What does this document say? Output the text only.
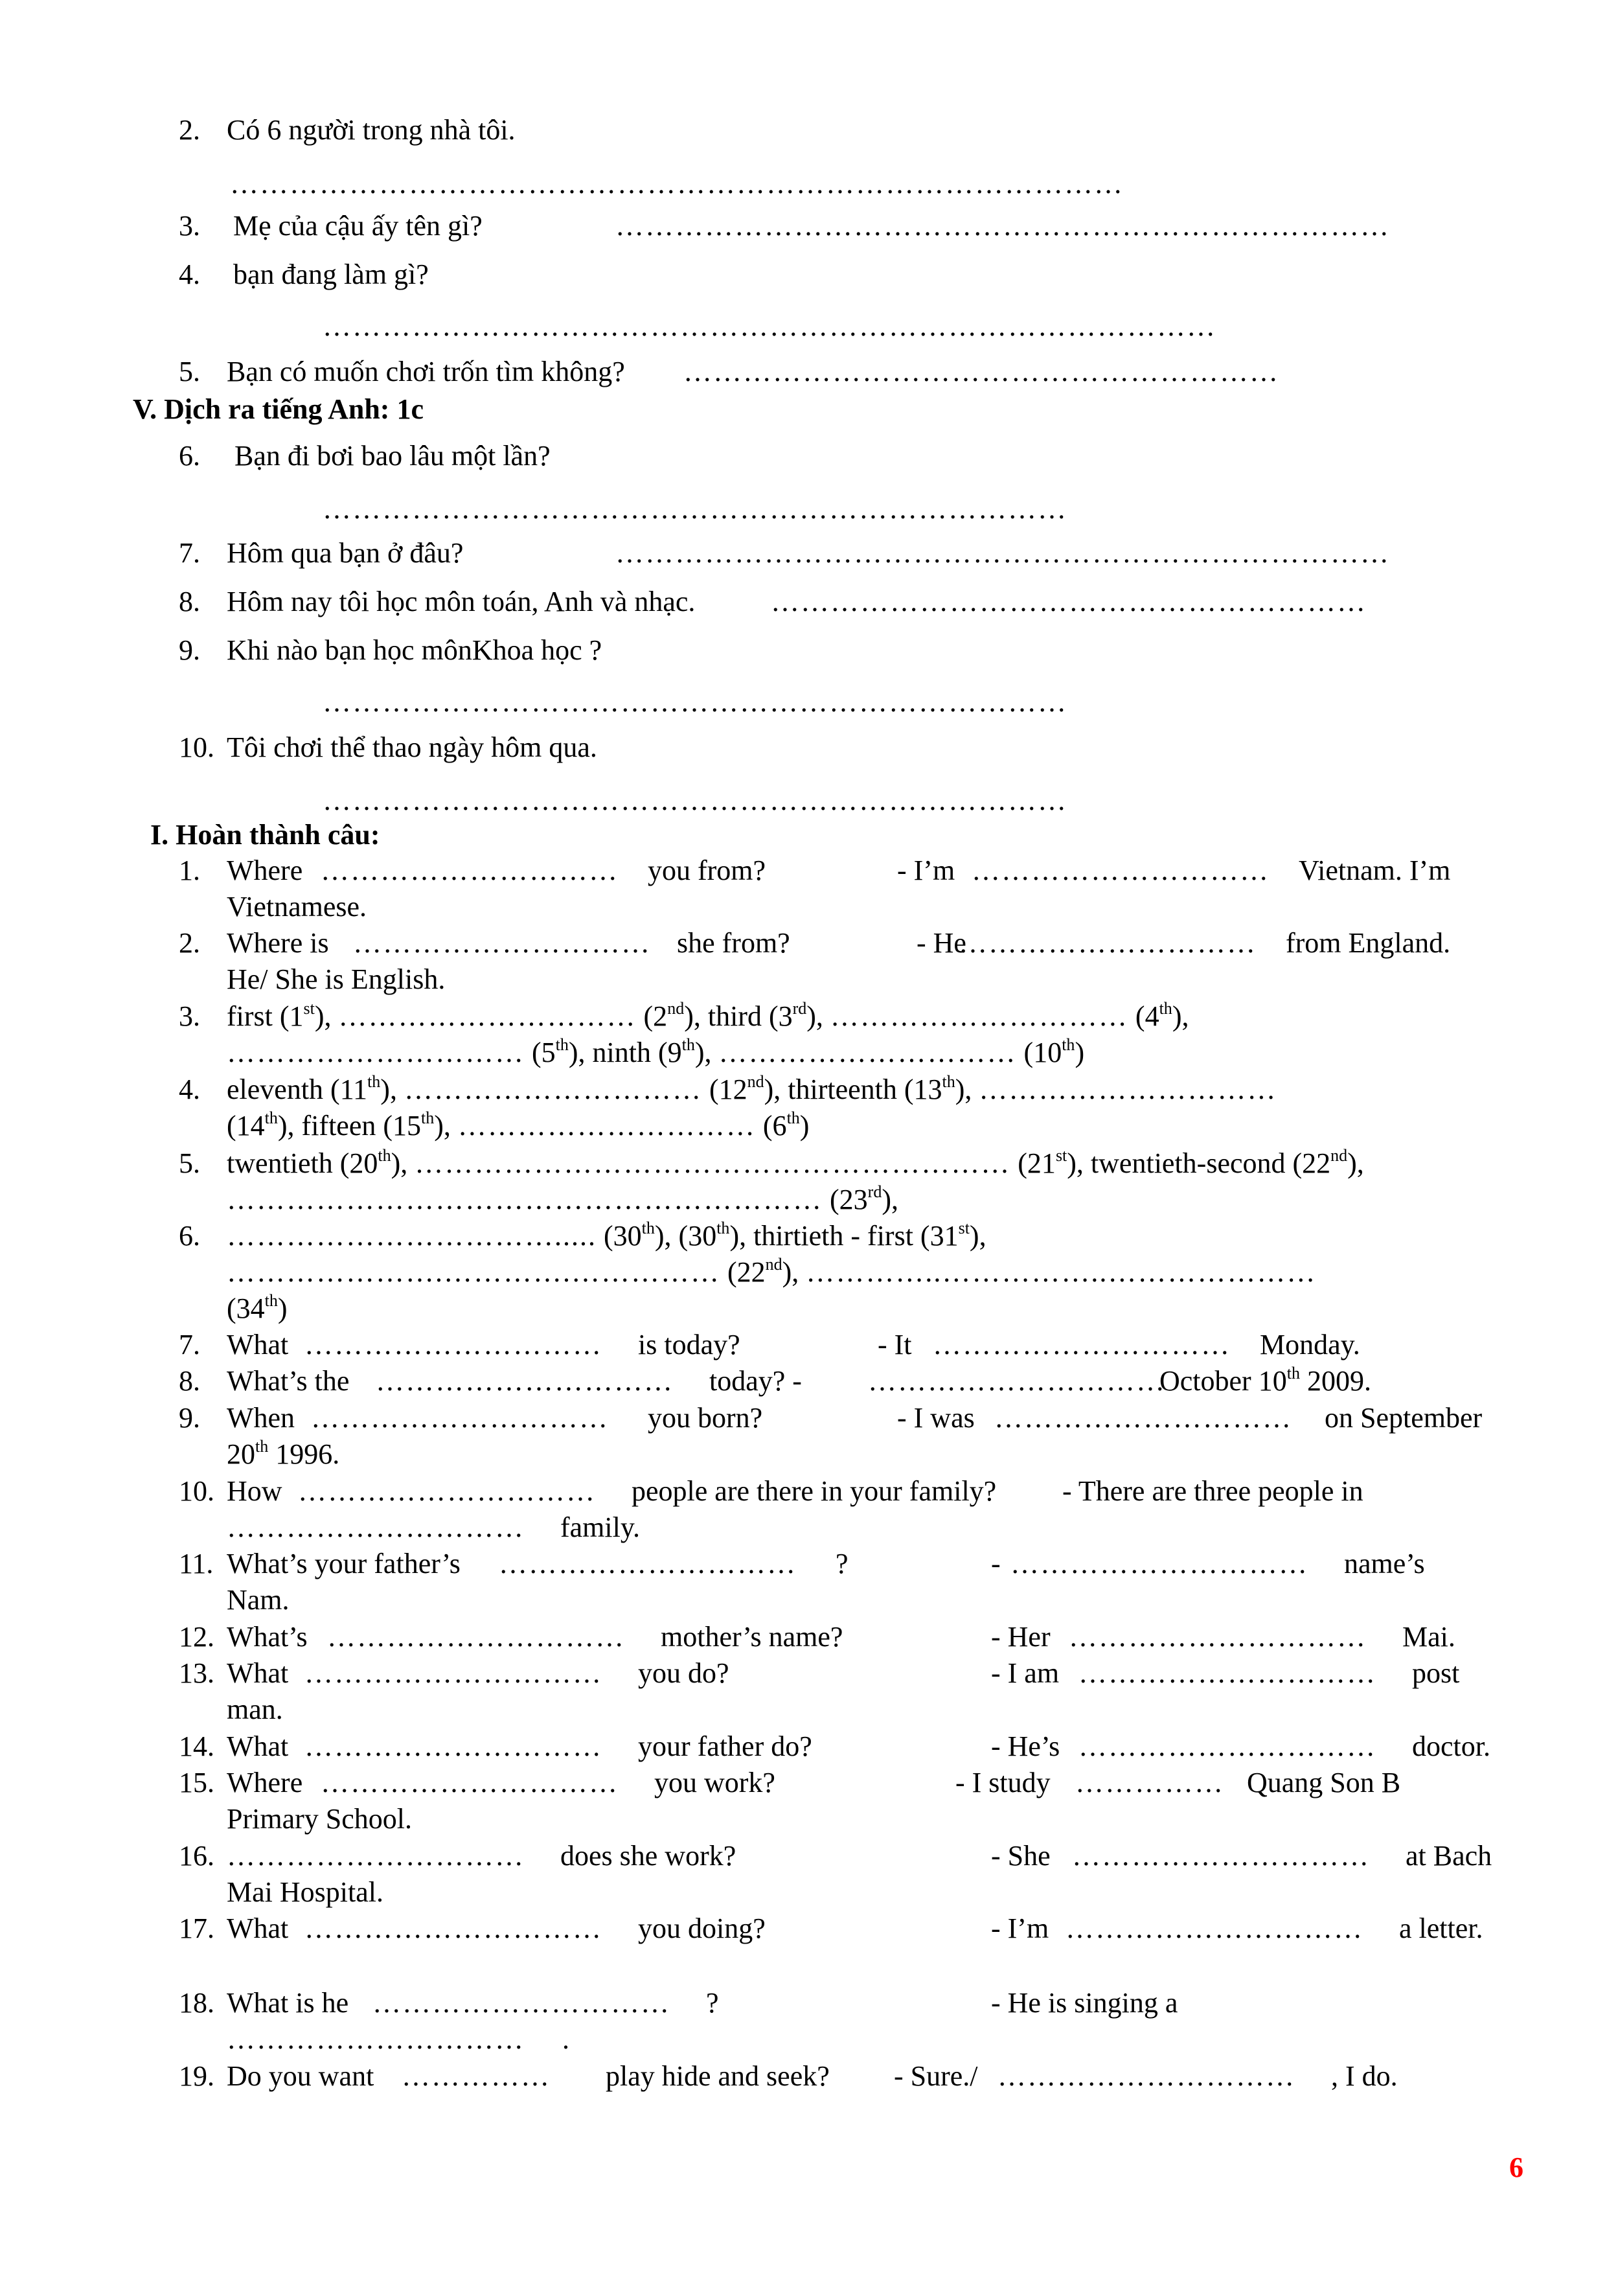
2. Có 6 người trong nhà tôi.
………………………………………………………………………………
3. Mẹ của cậu ấy tên gì?	……………………………………………………………………
4. bạn đang làm gì?
………………………………………………………………………………
5. Bạn có muốn chơi trốn tìm không? ……………………………………………………
V. Dịch ra tiếng Anh: 1c
6. Bạn đi bơi bao lâu một lần?
…………………………………………………………………
7. Hôm qua bạn ở đâu?	……………………………………………………………………
8. Hôm nay tôi học môn toán, Anh và nhạc.	……………………………………………………
9. Khi nào bạn học mônKhoa học ?
…………………………………………………………………
10. Tôi chơi thể thao ngày hôm qua.
…………………………………………………………………
I. Hoàn thành câu:
1. Where ………………………… you from?	- I’m ………………………… Vietnam. I’m
Vietnamese.
2. Where is ………………………… she from?	- He
………………………… from England.
He/ She is English.
3. first (1st), ………………………… (2nd), third (3rd), ………………………… (4th),
………………………… (5th), ninth (9th), ………………………… (10th)
4. eleventh (11th), ………………………… (12nd), thirteenth (13th), …………………………
(14th), fifteen (15th), ………………………… (6th)
5. twentieth (20th), …………………………………………………… (21st), twentieth-second (22nd),
…………………………………………………… (23rd),
6. ……………………………..... (30th), (30th), thirtieth - first (31st),
………………….………….…………… (22nd), …………..……………..…………………
(34th)
7. What ………………………… is today?	- It ………………………… Monday.
8. What’s the ………………………… today? - …………………………
October 10th 2009.
9. When ………………………… you born?	- I was ………………………… on September
20th 1996.
10. How ………………………… people are there in your family? - There are three people in
………………………… family.
11. What’s your father’s ………………………… ?	- ………………………… name’s
Nam.
12. What’s ………………………… mother’s name?	- Her ………………………… Mai.
13. What ………………………… you do?	- I am ………………………… post
man.
14. What ………………………… your father do?	- He’s ………………………… doctor.
15. Where ………………………… you work?	- I study …………… Quang Son B
Primary School.
16. ………………………… does she work?	- She ………………………… at Bach
Mai Hospital.
17. What ………………………… you doing?	- I’m ………………………… a letter.
18. What is he ………………………… ?	- He is singing a
………………………… .
19. Do you want …………… play hide and seek? - Sure./ ………………………… , I do.
6
